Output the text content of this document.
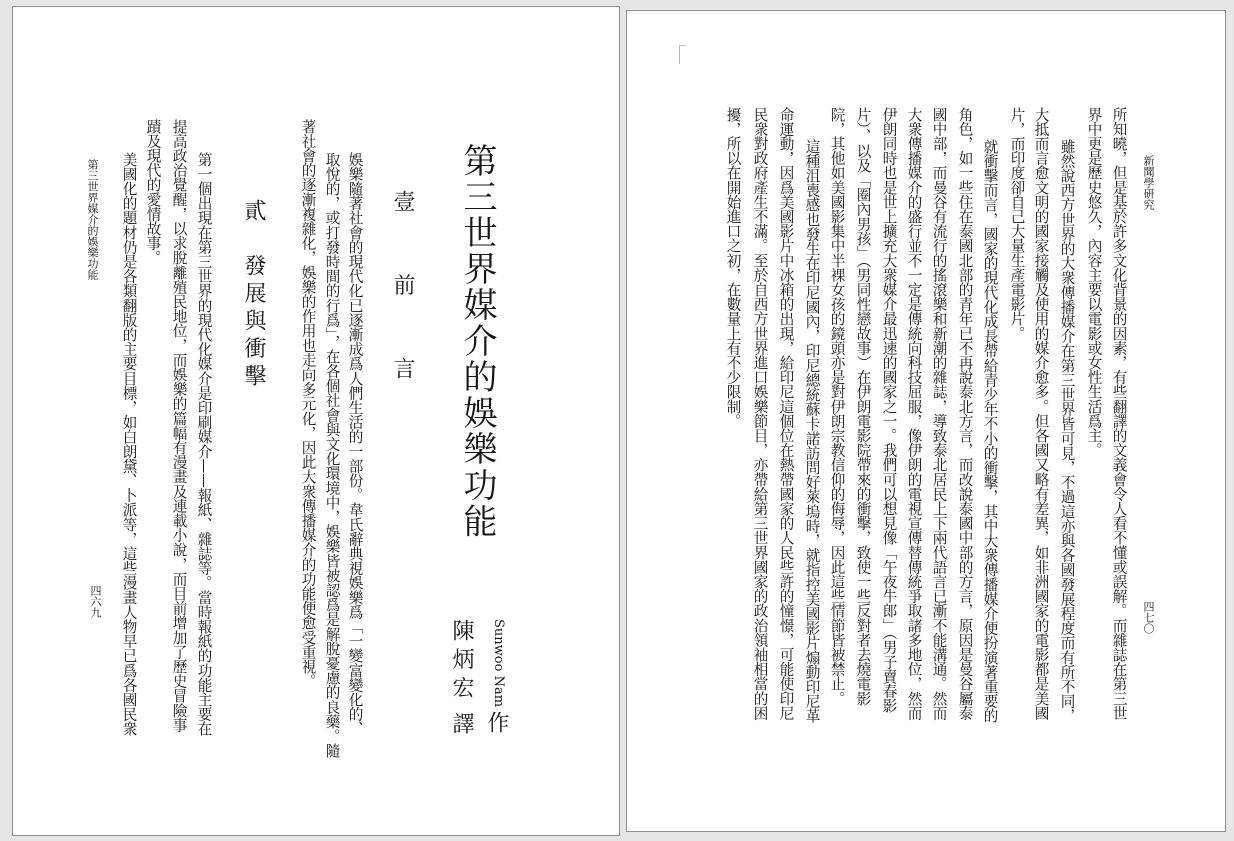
第三世界媒介的娛樂功能
Sunwoo Nam
作
陳炳宏
譯
壹　前　言
娛樂隨著社會的現代化已逐漸成爲人們生活的一部份。韋氏辭典視娛樂爲「一變富變化的、
取悅的，或打發時間的行爲」，在各個社會與文化環境中，娛樂皆被認爲是解脫憂慮的良藥。隨
著社會的逐漸複雜化，娛樂的作用也走向多元化，因此大衆傳播媒介的功能便愈受重視。
貳　發展與衝擊
第一個出現在第三世界的現代化媒介是印刷媒介——報紙、雜誌等。當時報紙的功能主要在
提高政治覺醒，以求脫離殖民地位，而娛樂的篇幅有漫畫及連載小說，而目前增加了歷史冒險事
蹟及現代的愛情故事。
美國化的題材仍是各類翻版的主要目標，如白朗黛、卜派等，這些漫畫人物早已爲各國民衆
四六九
第三世界媒介的娛樂功能	新聞學研究
四七〇
所知曉，但是基於許多文化背景的因素，有些翻譯的文義會令人看不懂或誤解。而雜誌在第三世
界中更是歷史悠久，內容主要以電影或女性生活爲主。
雖然說西方世界的大衆傳播媒介在第三世界皆可見，不過這亦與各國發展程度而有所不同，
大抵而言愈文明的國家接觸及使用的媒介愈多。但各國又略有差異，如非洲國家的電影都是美國
片，而印度卻自己大量生產電影片。
就衝擊而言，國家的現代化成長帶給青少年不小的衝擊，其中大衆傳播媒介便扮演著重要的
角色，如一些住在泰國北部的青年已不再說泰北方言，而改說泰國中部的方言，原因是曼谷屬泰
國中部，而曼谷有流行的搖滾樂和新潮的雜誌，導致泰北居民上下兩代語言已漸不能溝通。然而
大衆傳播媒介的盛行並不一定是傳統向科技屈服，像伊朗的電視宣傳替傳統爭取諸多地位，然而
伊朗同時也是世上擴充大衆媒介最迅速的國家之一。我們可以想見像「午夜牛郎」（男子賣春影
片）、以及「圈內男孩」（男同性戀故事）在伊朗電影院帶來的衝擊，致使一些反對者去燒電影
院，其他如美國影集中半裸女孩的鏡頭亦是對伊朗宗教信仰的侮辱，因此這些情節皆被禁止。
這種沮喪感也發生在印尼國內，印尼總統蘇卡諾訪問好萊塢時，就指控美國影片煽動印尼革
命運動，因爲美國影片中冰箱的出現，給印尼這個位在熱帶國家的人民些許的憧憬，可能使印尼
民衆對政府產生不滿。至於自西方世界進口娛樂節目，亦帶給第三世界國家的政治領袖相當的困
擾，所以在開始進口之初，在數量上有不少限制。
